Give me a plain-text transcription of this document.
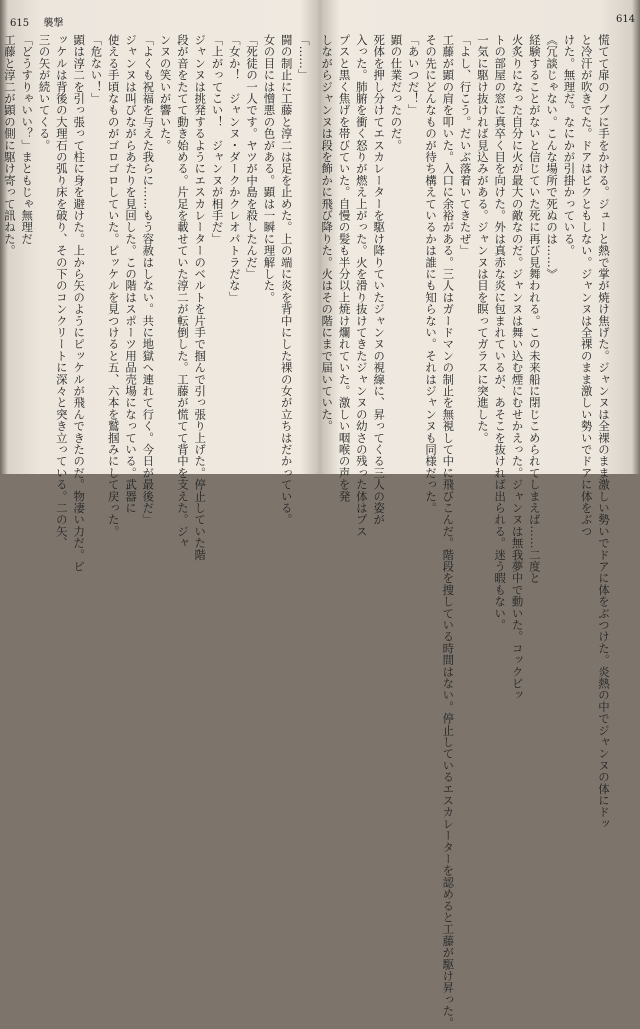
615 襲撃
「……」
闘の制止に工藤と淳二は足を止めた。上の端に炎を背中にした裸の女が立ちはだかっている。
女の目には憎悪の色がある。顕は一瞬に理解した。
「死徒の一人です。ヤツが中島を殺したんだ」
「女か！　ジャンヌ・ダークかクレオパトラだな」
「上がってこい！　ジャンヌが相手だ」
ジャンヌは挑発するようにエスカレーターのベルトを片手で掴んで引っ張り上げた。停止していた階
段が音をたてて動き始める。片足を載せていた淳二が転倒した。工藤が慌てて背中を支えた。ジャ
ンヌの笑いが響いた。
「よくも祝福を与えた我らに……もう容赦はしない。共に地獄へ連れて行く。今日が最後だ」
ジャンヌは叫びながらあたりを見回した。この階はスポーツ用品売場になっている。武器に
使える手頃なものがゴロゴロしていた。ピッケルを見つけると五、六本を鷲掴みにして戻った。
「危ない！」
顕は淳二を引っ張って柱に身を避けた。上から矢のようにピッケルが飛んできたのだ。物凄い力だ。ピ
ッケルは背後の大理石の弧り床を破り、その下のコンクリートに深々と突き立っている。二の矢、
三の矢が続いてくる。
「どうすりゃいい？」まともじゃ無理だ
工藤と淳二が顕の側に駆け寄って訊ねた。
614
慌てて扉のノブに手をかける。ジューと熱で掌が焼け焦げた。ジャンヌは全裸のまま激しい勢いでドアに体をぶつけた。炎熱の中でジャンヌの体にドッ
と冷汗が吹きでた。ドアはビクともしない。ジャンヌは全裸のまま激しい勢いでドアに体をぶつ
けた。無理だ。なにかが引掛かっている。
《冗談じゃない。こんな場所で死ぬのは……》
経験することがないと信じていた死に再び見舞われる。この未来船に閉じこめられてしまえば……二度と
火炙りになった自分に火が最大の敵なのだ。ジャンヌは舞い込む煙にむせかえった。ジャンヌは無我夢中で動いた。コックピッ
トの部屋の窓に真卒く目を向けた。外は真赤な炎に包まれているが、あそこを抜ければ出られる。迷う暇もない。
一気に駆け抜ければ見込みがある。ジャンヌは目を瞑ってガラスに突進した。
「よし、行こう。だいぶ落着いてきたぜ」
工藤が顕の肩を叩いた。入口に余裕がある。三人はガードマンの制止を無視して中に飛びこんだ。階段を捜している時間はない。停止しているエスカレーターを認めると工藤が駆け昇った。
その先にどんなものが待ち構えているかは誰にも知らない。それはジャンヌも同様だった。
「あいつだ！」
顕の仕業だったのだ。
死体を押し分けてエスカレーターを駆け降りていたジャンヌの視線に、昇ってくる三人の姿が
入った。肺腑を衝く怒りが燃え上がった。火を滑り抜けてきたジャンヌの幼さの残った体はプス
プスと黒く焦げを帯びていた。自慢の髪も半分以上焼け爛れていた。激しい咽喉の声を発
しながらジャンヌは段を飾かに飛び降りた。火はその階にまで届いていた。
